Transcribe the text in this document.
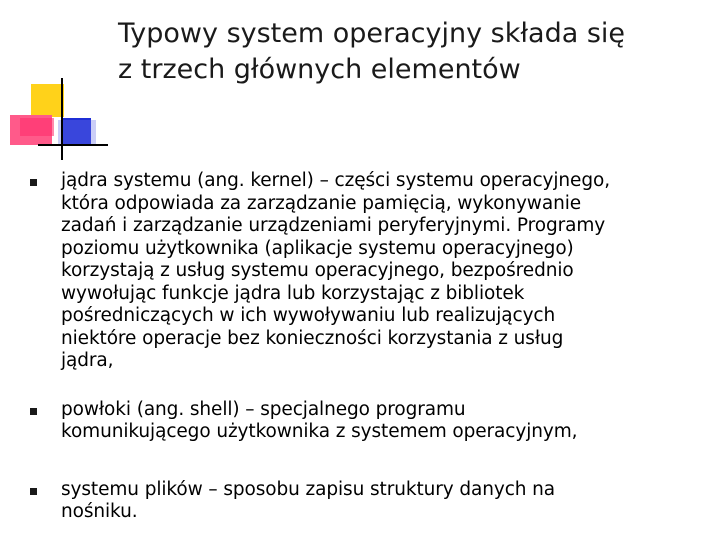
Typowy system operacyjny składa się
z trzech głównych elementów
jądra systemu (ang. kernel) – części systemu operacyjnego,
która odpowiada za zarządzanie pamięcią, wykonywanie
zadań i zarządzanie urządzeniami peryferyjnymi. Programy
poziomu użytkownika (aplikacje systemu operacyjnego)
korzystają z usług systemu operacyjnego, bezpośrednio
wywołując funkcje jądra lub korzystając z bibliotek
pośredniczących w ich wywoływaniu lub realizujących
niektóre operacje bez konieczności korzystania z usług
jądra,
powłoki (ang. shell) – specjalnego programu
komunikującego użytkownika z systemem operacyjnym,
systemu plików – sposobu zapisu struktury danych na
nośniku.
